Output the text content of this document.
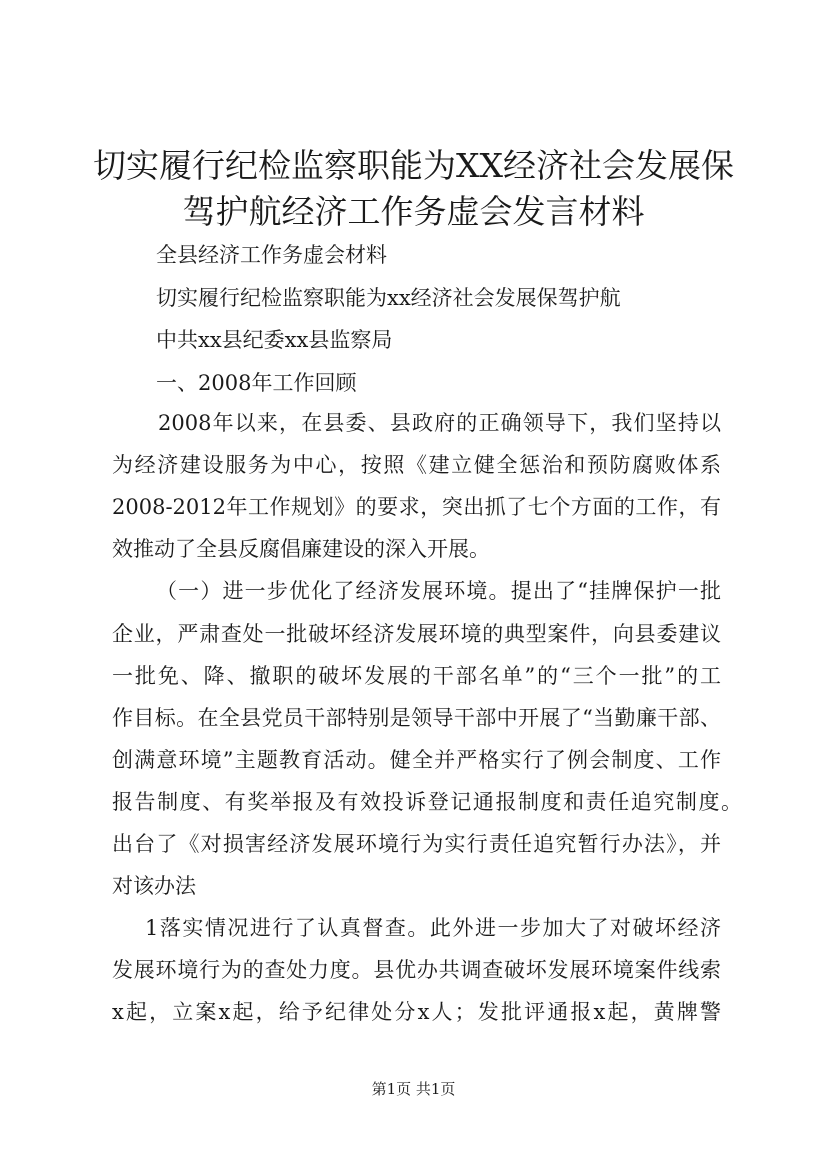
切实履行纪检监察职能为XX经济社会发展保
驾护航经济工作务虚会发言材料
全县经济工作务虚会材料
切实履行纪检监察职能为xx经济社会发展保驾护航
中共xx县纪委xx县监察局
一、2008年工作回顾
2008年以来，在县委、县政府的正确领导下，我们坚持以
为经济建设服务为中心，按照《建立健全惩治和预防腐败体系
2008-2012年工作规划》的要求，突出抓了七个方面的工作，有
效推动了全县反腐倡廉建设的深入开展。
（一）进一步优化了经济发展环境。提出了“挂牌保护一批
企业，严肃查处一批破坏经济发展环境的典型案件，向县委建议
一批免、降、撤职的破坏发展的干部名单”的“三个一批”的工
作目标。在全县党员干部特别是领导干部中开展了“当勤廉干部、
创满意环境”主题教育活动。健全并严格实行了例会制度、工作
报告制度、有奖举报及有效投诉登记通报制度和责任追究制度。
出台了《对损害经济发展环境行为实行责任追究暂行办法》，并
对该办法
1落实情况进行了认真督查。此外进一步加大了对破坏经济
发展环境行为的查处力度。县优办共调查破坏发展环境案件线索
x起，立案x起，给予纪律处分x人；发批评通报x起，黄牌警
第1页 共1页
